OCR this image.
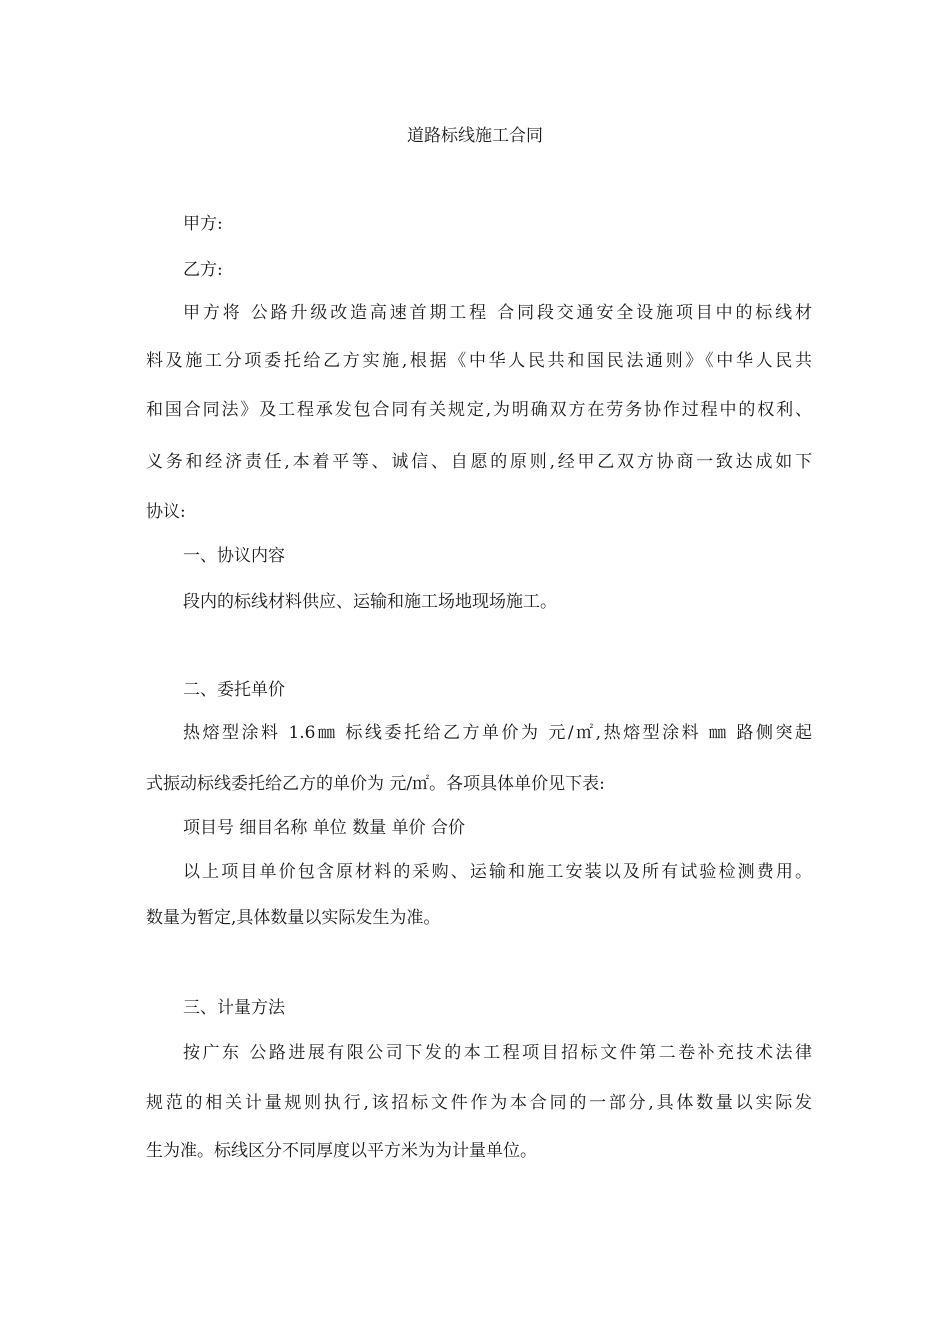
道路标线施工合同

甲方:

乙方:

甲方将 公路升级改造高速首期工程 合同段交通安全设施项目中的标线材

料及施工分项委托给乙方实施,根据《中华人民共和国民法通则》《中华人民共

和国合同法》及工程承发包合同有关规定,为明确双方在劳务协作过程中的权利、

义务和经济责任,本着平等、诚信、自愿的原则,经甲乙双方协商一致达成如下

协议:

一、协议内容

段内的标线材料供应、运输和施工场地现场施工。

二、委托单价

热熔型涂料 1.6㎜ 标线委托给乙方单价为 元/㎡,热熔型涂料 ㎜ 路侧突起

式振动标线委托给乙方的单价为 元/㎡。各项具体单价见下表:

项目号 细目名称 单位 数量 单价 合价

以上项目单价包含原材料的采购、运输和施工安装以及所有试验检测费用。

数量为暂定,具体数量以实际发生为准。

三、计量方法

按广东 公路进展有限公司下发的本工程项目招标文件第二卷补充技术法律

规范的相关计量规则执行,该招标文件作为本合同的一部分,具体数量以实际发

生为准。标线区分不同厚度以平方米为为计量单位。
